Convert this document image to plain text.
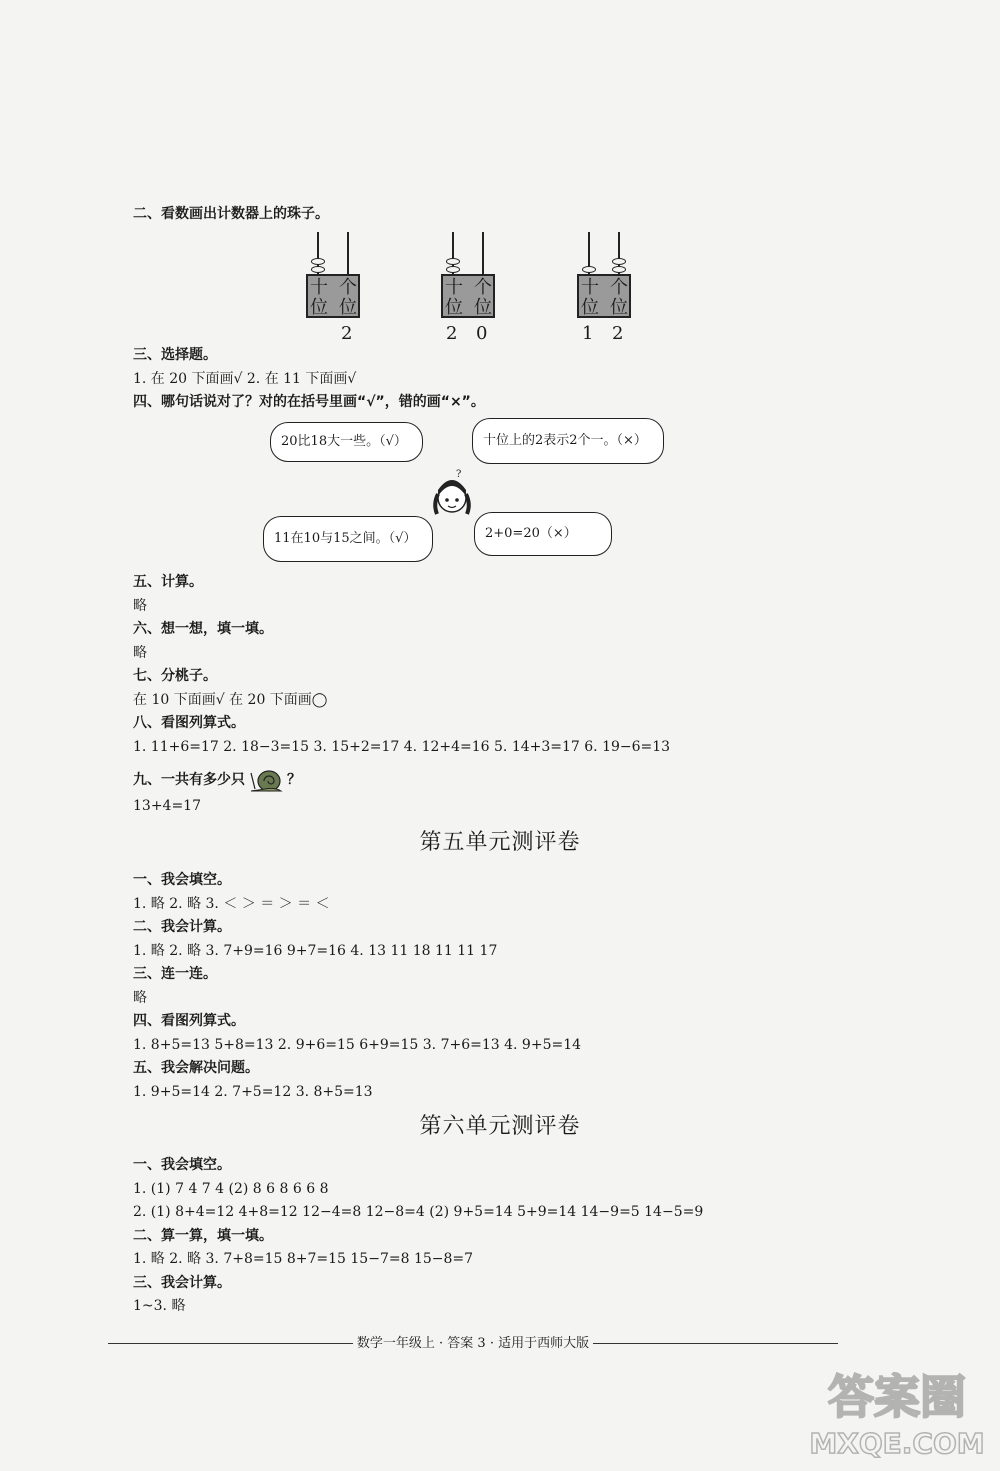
二、看数画出计数器上的珠子。
十
位
个
位
2
十
位
个
位
2 0
十
位
个
位
1 2
三、选择题。
1. 在 20 下面画√ 2. 在 11 下面画√
四、哪句话说对了？对的在括号里画“√”，错的画“×”。
20比18大一些。（√）	十位上的2表示2个一。（×）
11在10与15之间。（√）	2+0=20（×）
?
五、计算。
略
六、想一想，填一填。
略
七、分桃子。
在 10 下面画√ 在 20 下面画◯
八、看图列算式。
1. 11+6=17 2. 18−3=15 3. 15+2=17 4. 12+4=16 5. 14+3=17 6. 19−6=13
九、一共有多少只	？
13+4=17
第五单元测评卷
一、我会填空。
1. 略 2. 略 3. ＜ ＞ ＝ ＞ ＝ ＜
二、我会计算。
1. 略 2. 略 3. 7+9=16 9+7=16 4. 13 11 18 11 11 17
三、连一连。
略
四、看图列算式。
1. 8+5=13 5+8=13 2. 9+6=15 6+9=15 3. 7+6=13 4. 9+5=14
五、我会解决问题。
1. 9+5=14 2. 7+5=12 3. 8+5=13
第六单元测评卷
一、我会填空。
1. (1) 7 4 7 4 (2) 8 6 8 6 6 8
2. (1) 8+4=12 4+8=12 12−4=8 12−8=4 (2) 9+5=14 5+9=14 14−9=5 14−5=9
二、算一算，填一填。
1. 略 2. 略 3. 7+8=15 8+7=15 15−7=8 15−8=7
三、我会计算。
1~3. 略
数学一年级上 · 答案 3 · 适用于西师大版
答案圈
MXQE.COM
